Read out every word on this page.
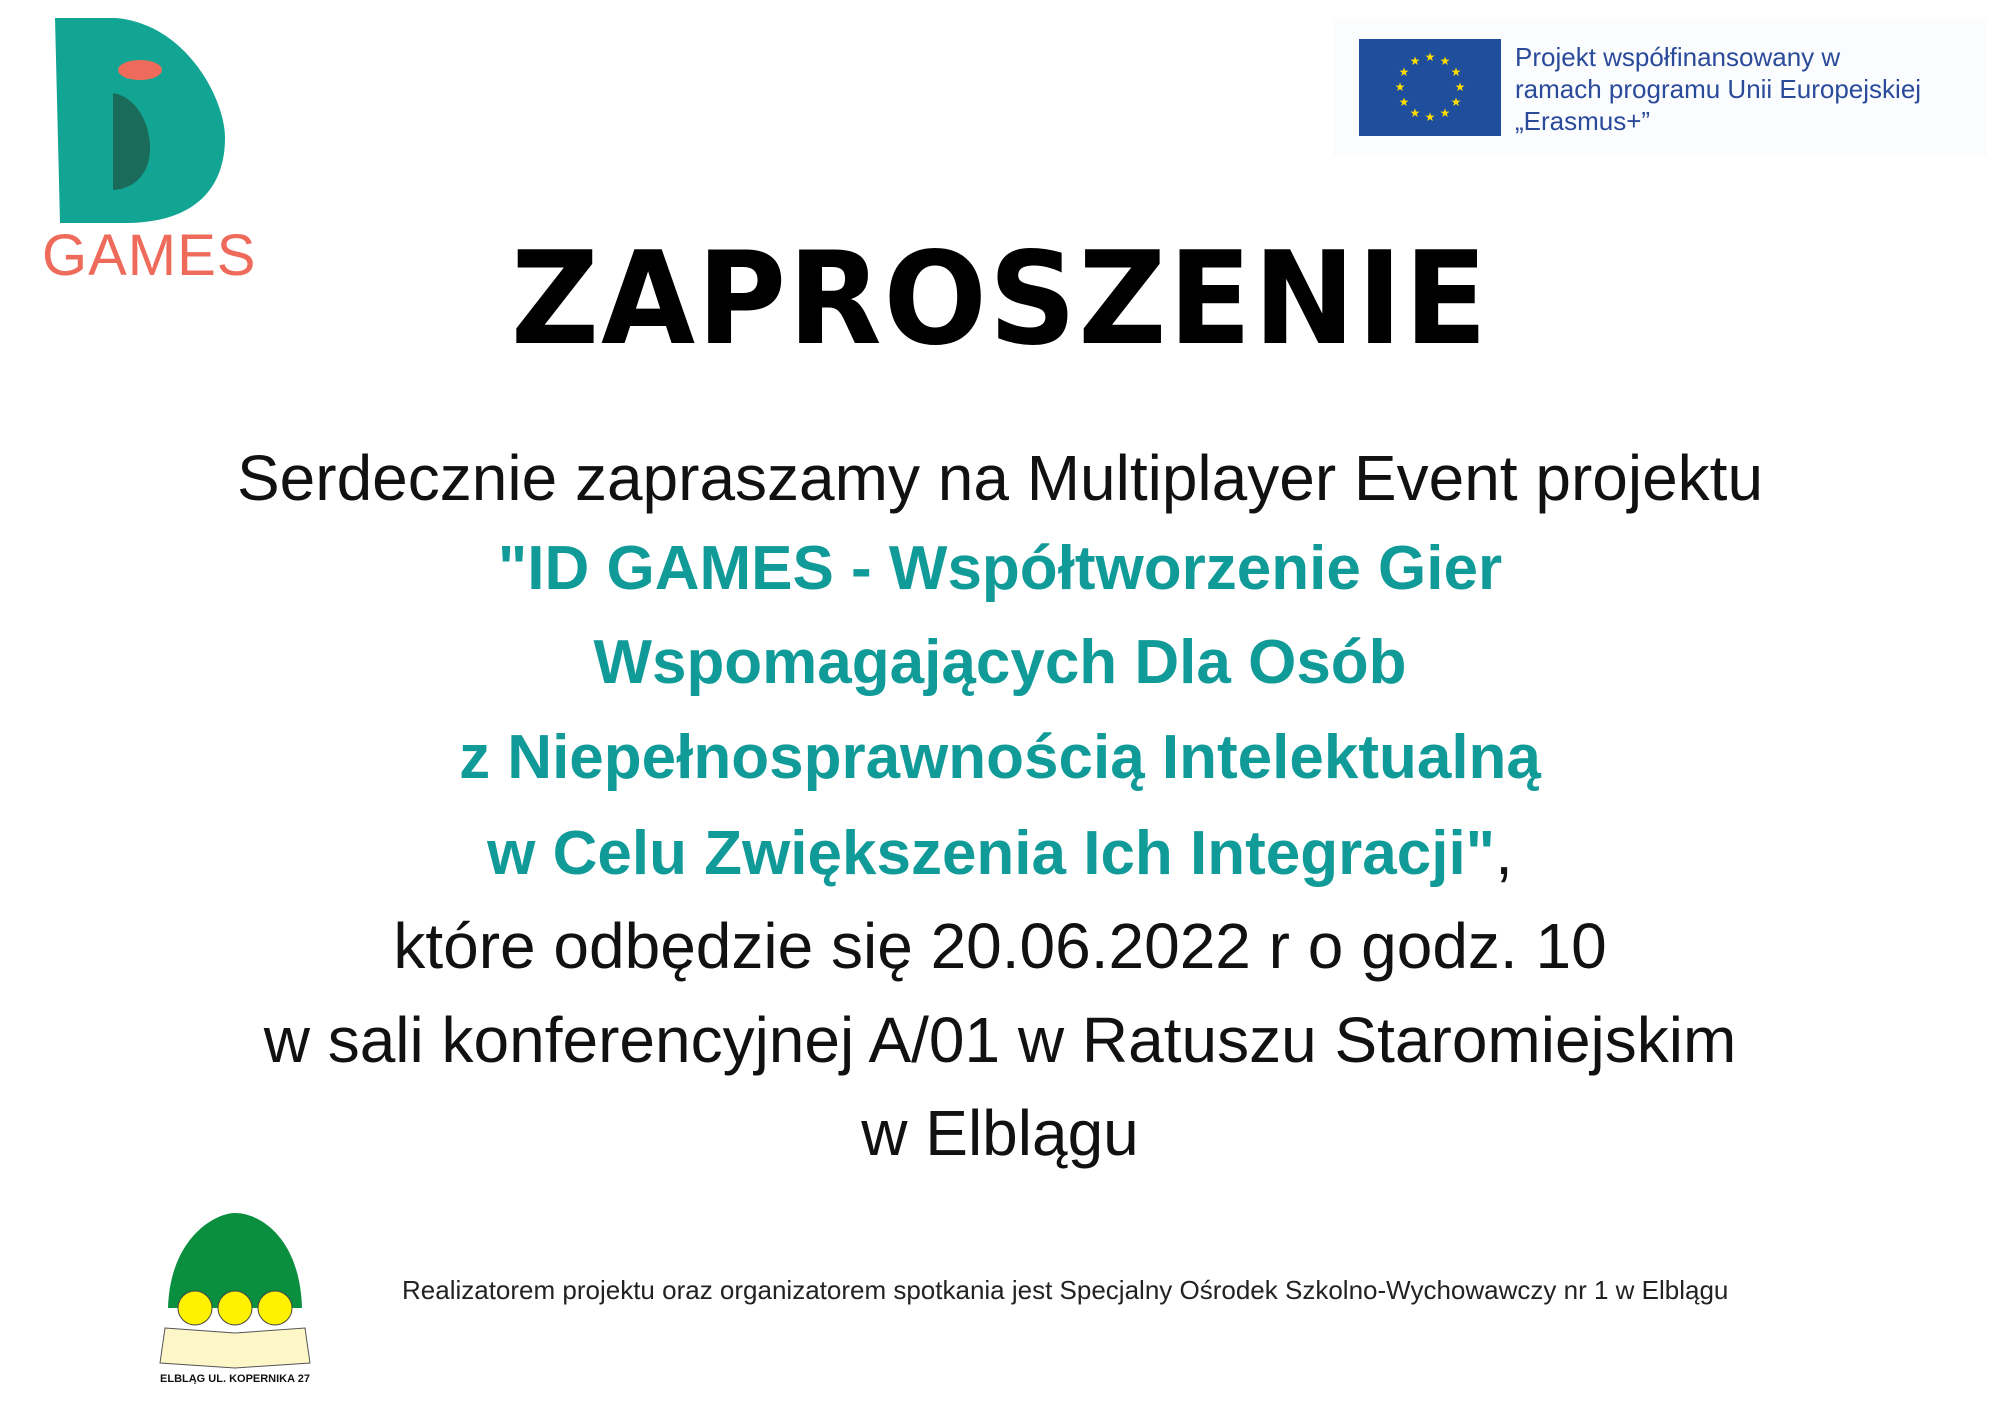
GAMES
★ ★
★
★
★
★
★
★
★
★
★
★	Projekt współfinansowany w
ramach programu Unii Europejskiej
„Erasmus+”
ZAPROSZENIE
Serdecznie zapraszamy na Multiplayer Event projektu
"ID GAMES - Współtworzenie Gier
Wspomagających Dla Osób
z Niepełnosprawnością Intelektualną
w Celu Zwiększenia Ich Integracji",
które odbędzie się 20.06.2022 r o godz. 10
w sali konferencyjnej A/01 w Ratuszu Staromiejskim
w Elblągu
ELBLĄG UL. KOPERNIKA 27
Realizatorem projektu oraz organizatorem spotkania jest Specjalny Ośrodek Szkolno-Wychowawczy nr 1 w Elblągu
